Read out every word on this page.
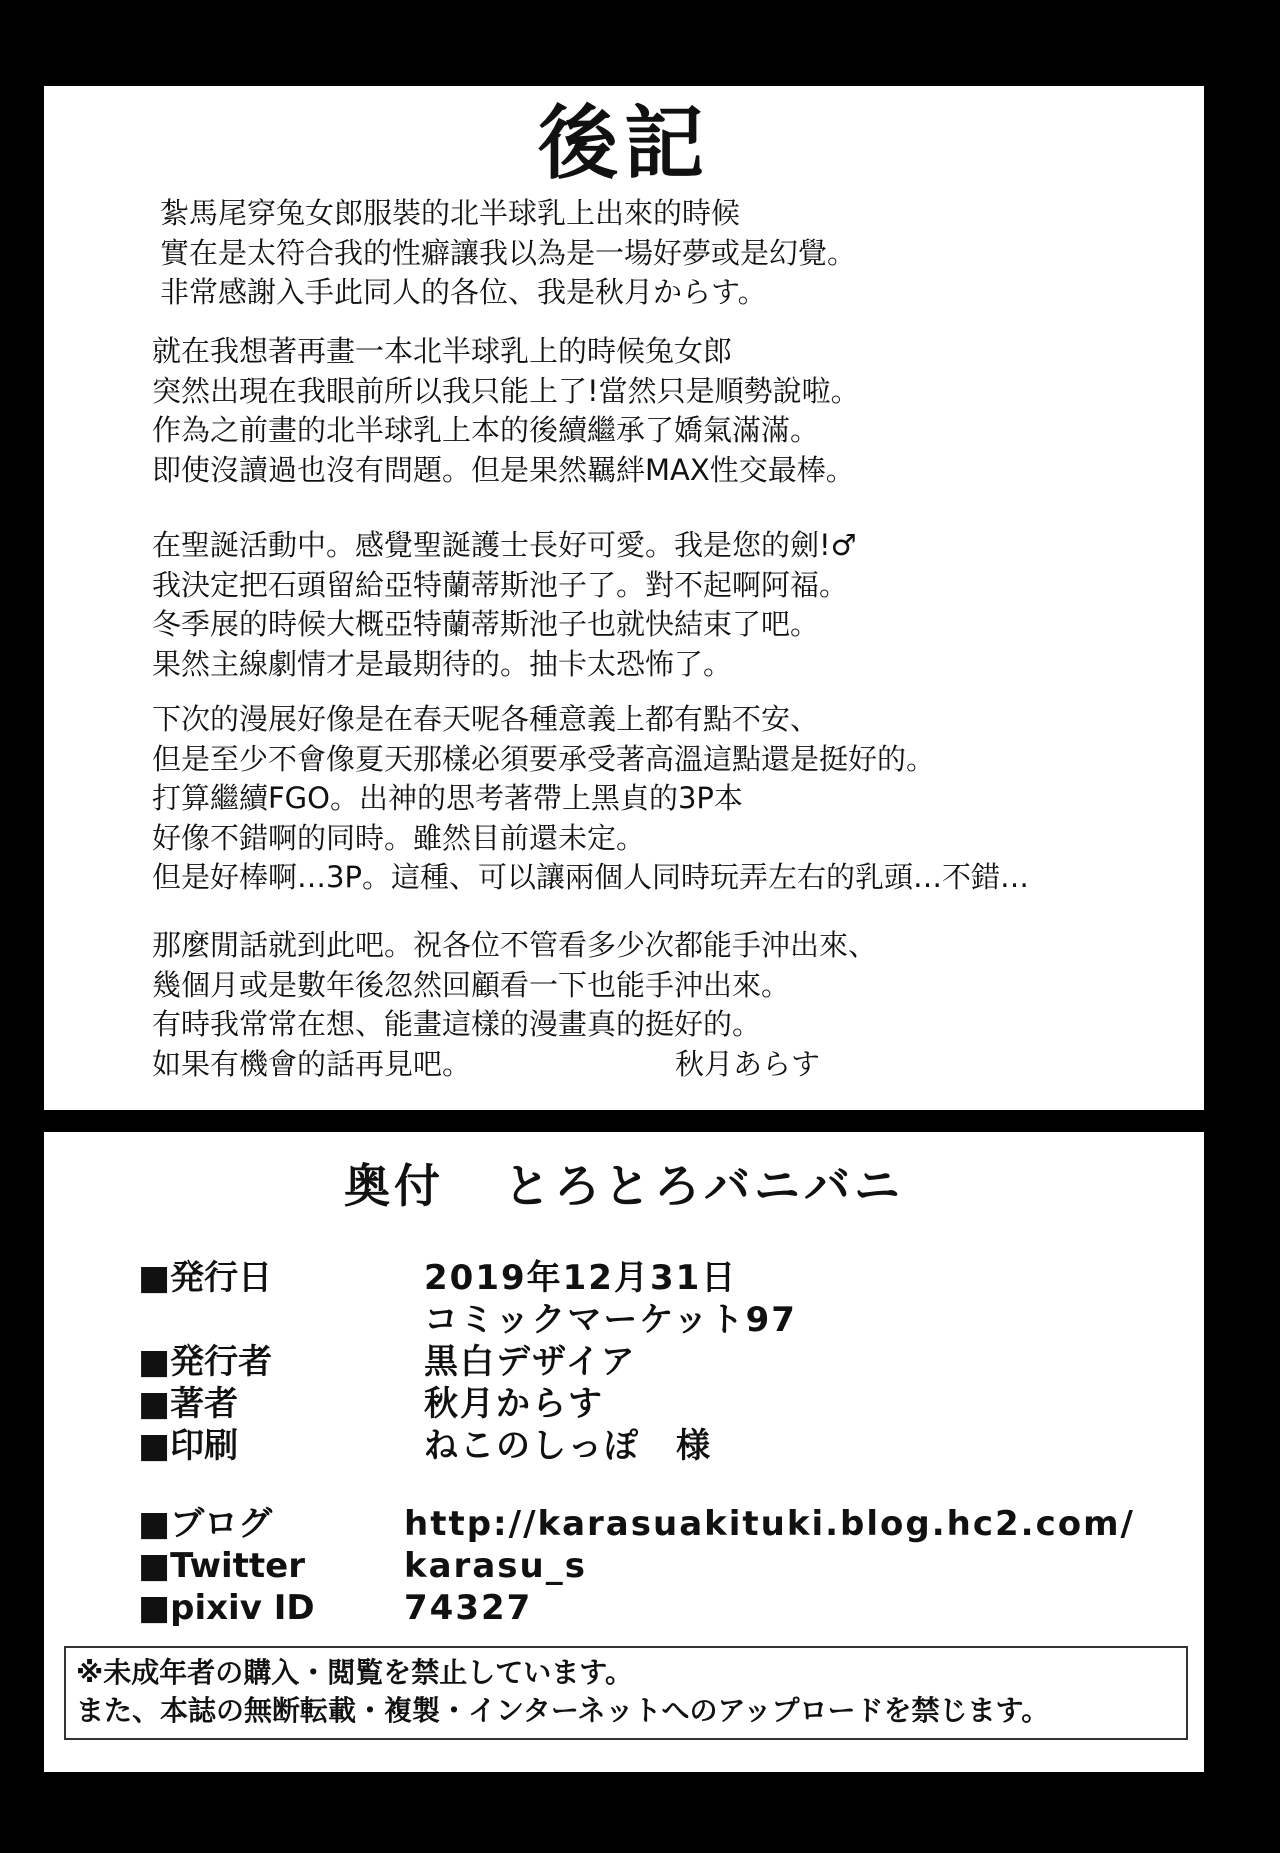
後記
紮馬尾穿兔女郎服裝的北半球乳上出來的時候
實在是太符合我的性癖讓我以為是一場好夢或是幻覺。
非常感謝入手此同人的各位、我是秋月からす。
就在我想著再畫一本北半球乳上的時候兔女郎
突然出現在我眼前所以我只能上了!當然只是順勢說啦。
作為之前畫的北半球乳上本的後續繼承了嬌氣滿滿。
即使沒讀過也沒有問題。但是果然羈絆MAX性交最棒。
在聖誕活動中。感覺聖誕護士長好可愛。我是您的劍!♂
我決定把石頭留給亞特蘭蒂斯池子了。對不起啊阿福。
冬季展的時候大概亞特蘭蒂斯池子也就快結束了吧。
果然主線劇情才是最期待的。抽卡太恐怖了。
下次的漫展好像是在春天呢各種意義上都有點不安、
但是至少不會像夏天那樣必須要承受著高溫這點還是挺好的。
打算繼續FGO。出神的思考著帶上黑貞的3P本
好像不錯啊的同時。雖然目前還未定。
但是好棒啊…3P。這種、可以讓兩個人同時玩弄左右的乳頭…不錯…
那麼閒話就到此吧。祝各位不管看多少次都能手沖出來、
幾個月或是數年後忽然回顧看一下也能手沖出來。
有時我常常在想、能畫這樣的漫畫真的挺好的。
如果有機會的話再見吧。	秋月あらす
奥付 とろとろバニバニ
■発行日	2019年12月31日
コミックマーケット97
■発行者	黒白デザイア
■著者	秋月からす
■印刷	ねこのしっぽ　様
■ブログ	http://karasuakituki.blog.hc2.com/
■Twitter	karasu_s
■pixiv ID	74327
※未成年者の購入・閲覧を禁止しています。
また、本誌の無断転載・複製・インターネットへのアップロードを禁じます。
